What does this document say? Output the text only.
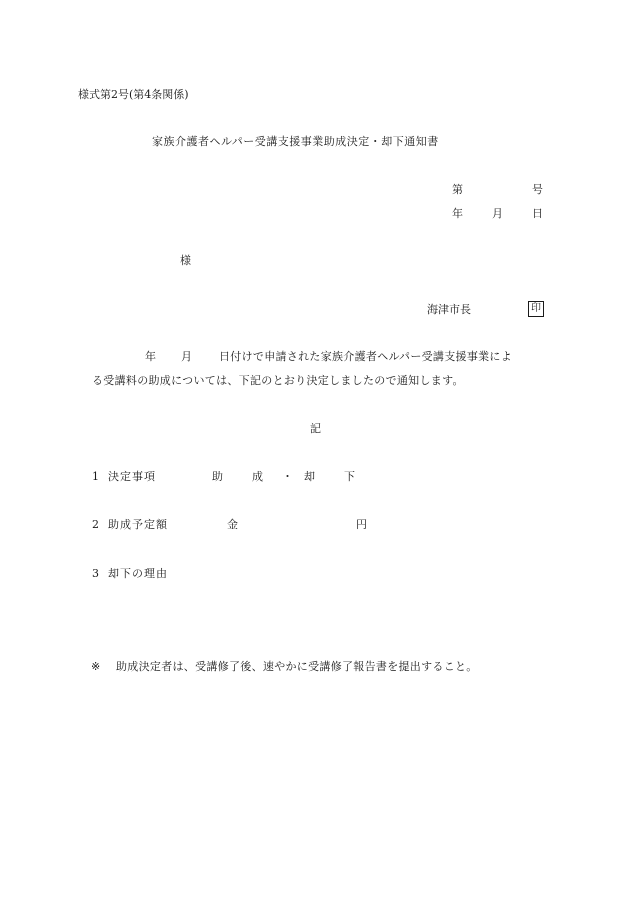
様式第2号(第4条関係)
家族介護者ヘルパー受講支援事業助成決定・却下通知書
第	号
年	月	日
様
海津市長	印
年 月 日付けで申請された家族介護者ヘルパー受講支援事業によ
る受講料の助成については、下記のとおり決定しましたので通知します。
記
1 決定事項	助	成 ・ 却	下
2 助成予定額	金	円
3 却下の理由
※ 助成決定者は、受講修了後、速やかに受講修了報告書を提出すること。
